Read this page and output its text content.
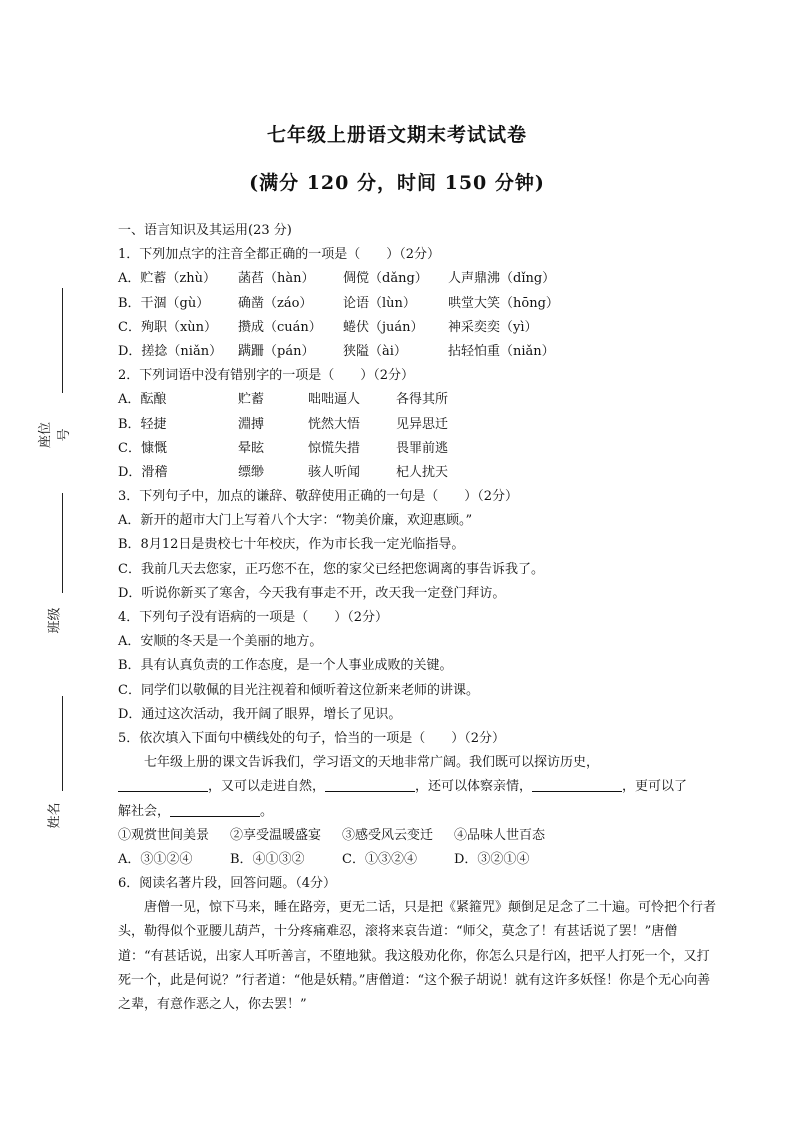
座位号
班级
姓名
七年级上册语文期末考试试卷
(满分 120 分，时间 150 分钟)
一、语言知识及其运用(23 分)
1．下列加点字的注音全都正确的一项是（　　）（2分）
A．贮蓄（zhù） 菡萏（hàn） 倜傥（dǎng） 人声鼎沸（dǐng）
B．干涸（gù） 确凿（záo） 论语（lùn） 哄堂大笑（hōng）
C．殉职（xùn） 攒成（cuán） 蜷伏（juán） 神采奕奕（yì）
D．搓捻（niǎn） 蹒跚（pán） 狭隘（ài）	拈轻怕重（niǎn）
2．下列词语中没有错别字的一项是（　　）（2分）
A．酝酿	贮蓄	咄咄逼人	各得其所
B．轻捷	淵搏	恍然大悟	见异思迁
C．慷慨	晕眩	惊慌失措	畏罪前逃
D．滑稽	缥缈	骇人听闻	杞人扰天
3．下列句子中，加点的谦辞、敬辞使用正确的一句是（　　）（2分）
A．新开的超市大门上写着八个大字：“物美价廉，欢迎惠顾。”
B．8月12日是贵校七十年校庆，作为市长我一定光临指导。
C．我前几天去您家，正巧您不在，您的家父已经把您调离的事告诉我了。
D．听说你新买了寒舍，今天我有事走不开，改天我一定登门拜访。
4．下列句子没有语病的一项是（　　）（2分）
A．安顺的冬天是一个美丽的地方。
B．具有认真负责的工作态度，是一个人事业成败的关键。
C．同学们以敬佩的目光注视着和倾听着这位新来老师的讲课。
D．通过这次活动，我开阔了眼界，增长了见识。
5．依次填入下面句中横线处的句子，恰当的一项是（　　）（2分）
七年级上册的课文告诉我们，学习语文的天地非常广阔。我们既可以探访历史，
，又可以走进自然，	，还可以体察亲情，	，更可以了
解社会，	。
①观赏世间美景 ②享受温暖盛宴 ③感受风云变迁 ④品味人世百态
A．③①②④	B．④①③②	C．①③②④	D．③②①④
6．阅读名著片段，回答问题。（4分）
唐僧一见，惊下马来，睡在路旁，更无二话，只是把《紧箍咒》颠倒足足念了二十遍。可怜把个行者头，勒得似个亚腰儿葫芦，十分疼痛难忍，滚将来哀告道：“师父，莫念了！有甚话说了罢！”唐僧道：“有甚话说，出家人耳听善言，不堕地狱。我这般劝化你，你怎么只是行凶，把平人打死一个，又打死一个，此是何说？”行者道：“他是妖精。”唐僧道：“这个猴子胡说！就有这许多妖怪！你是个无心向善之辈，有意作恶之人，你去罢！”
